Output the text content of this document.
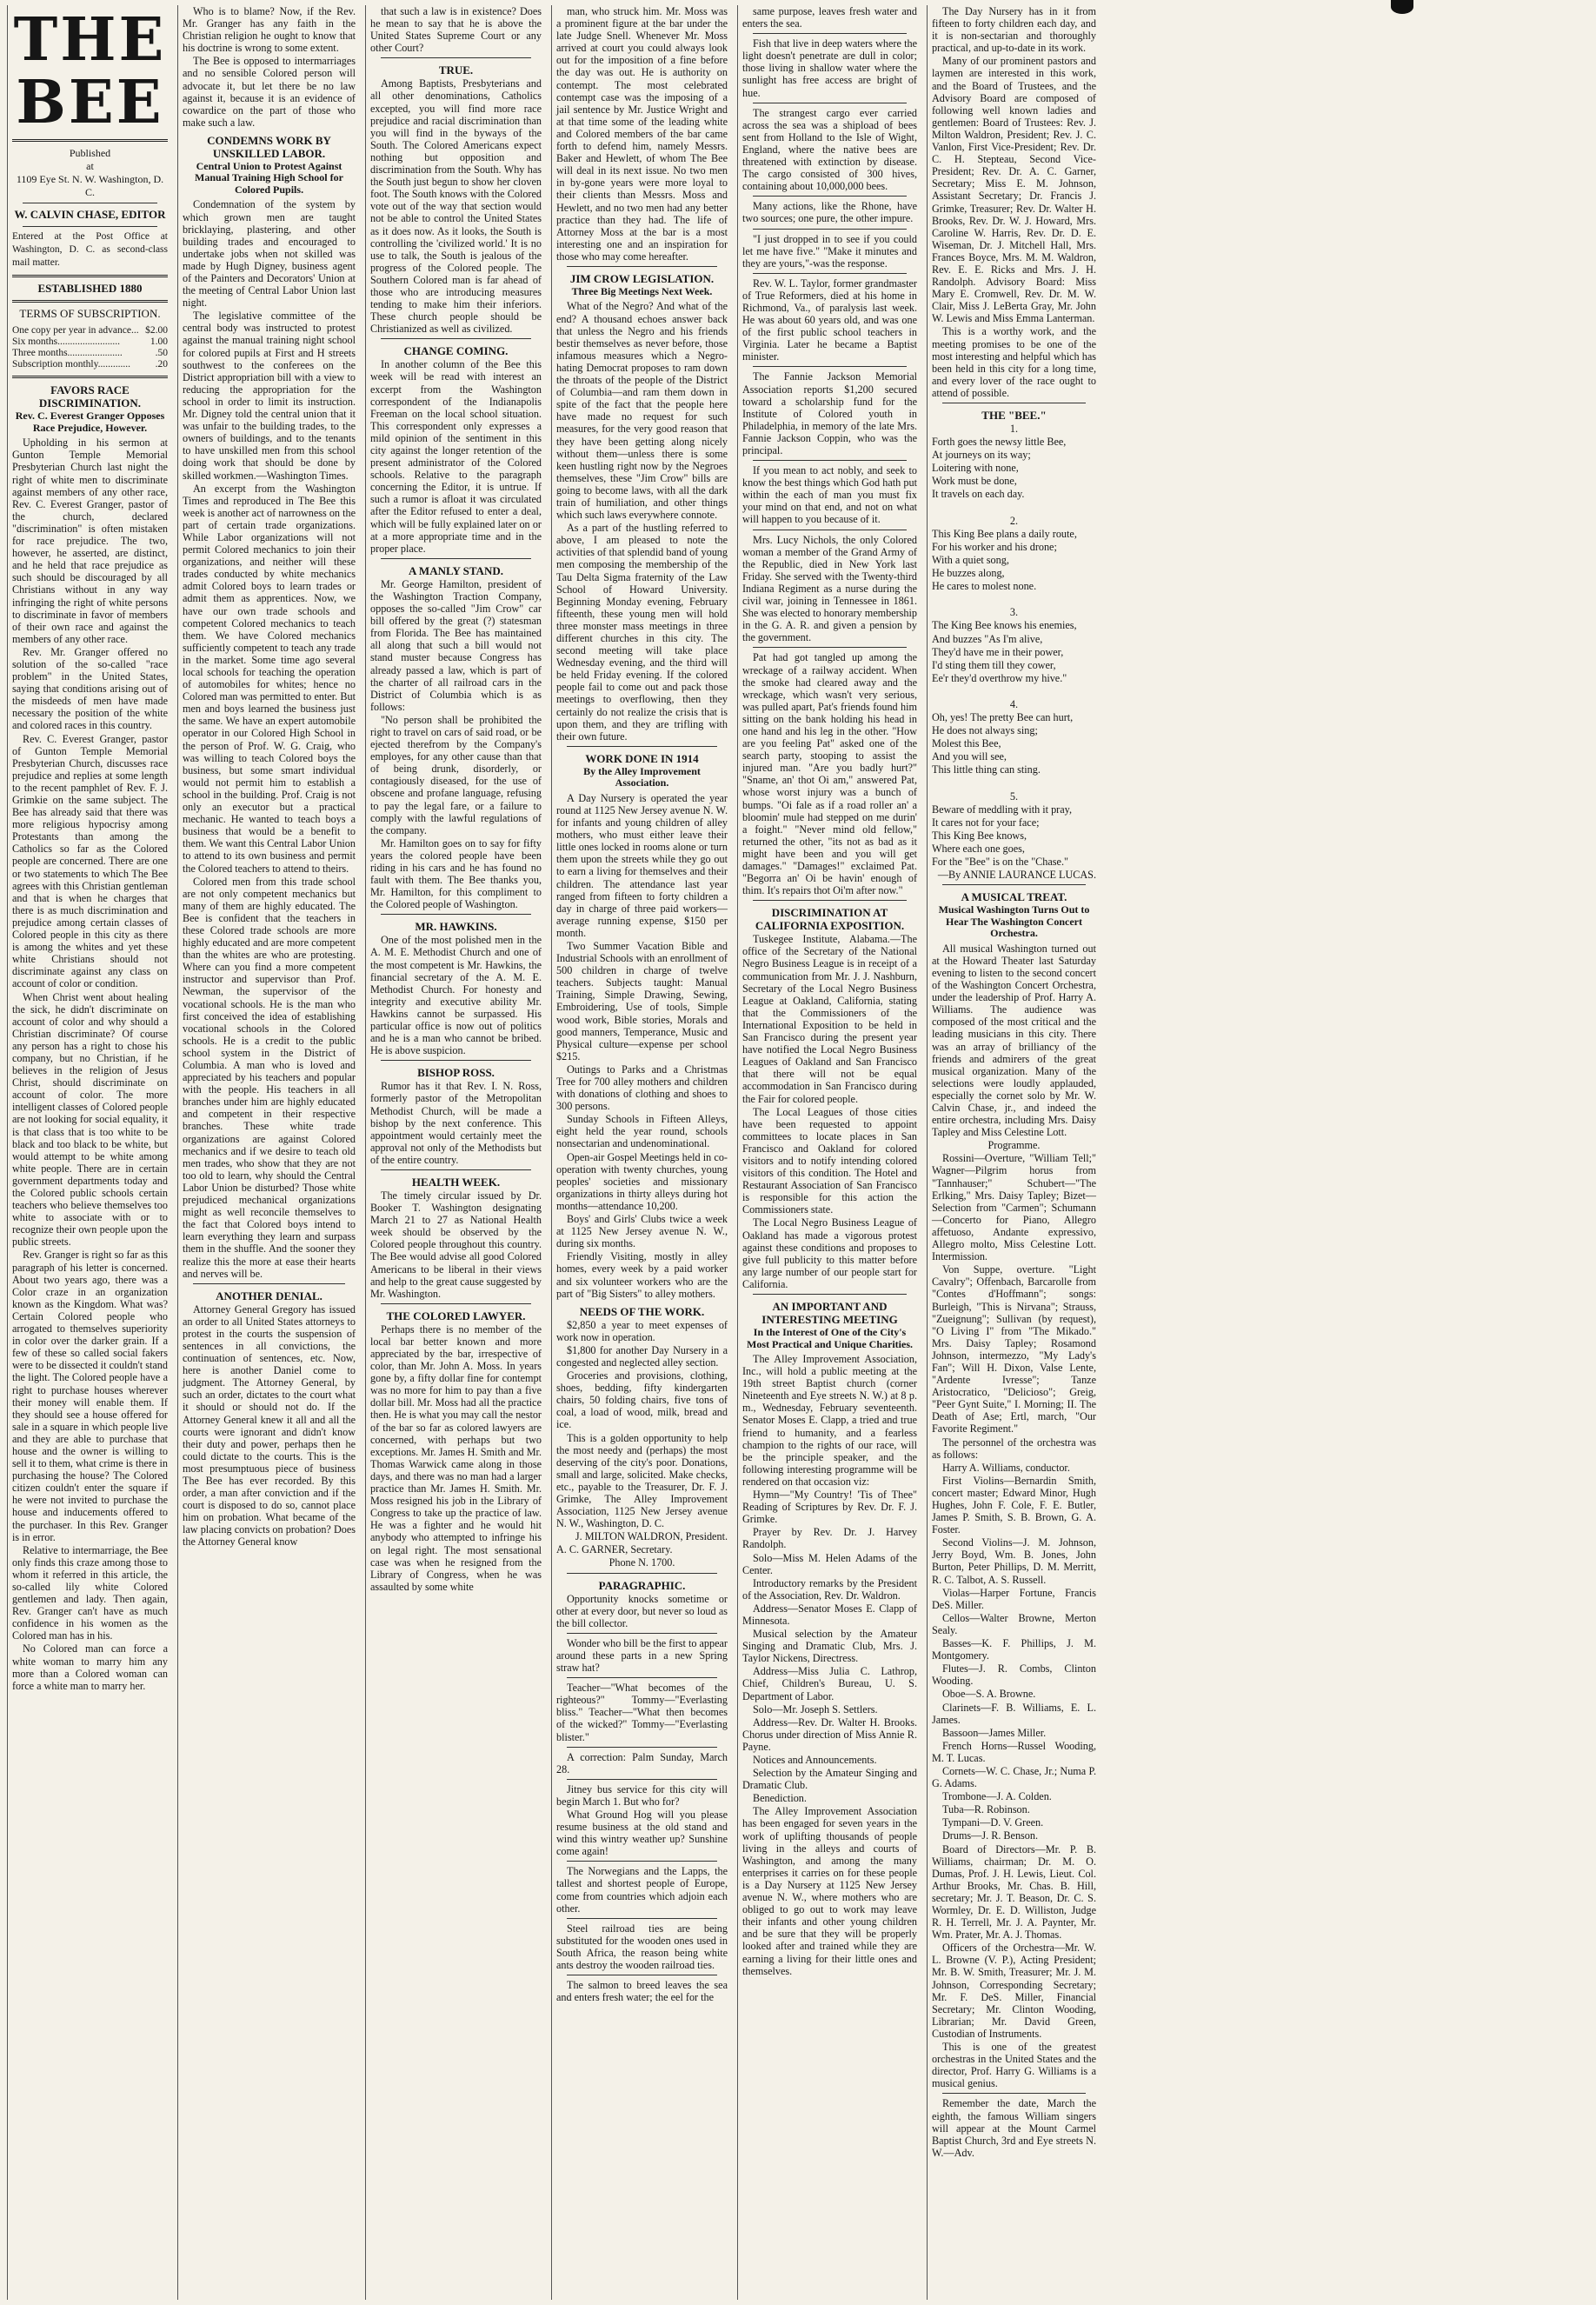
THE BEE
Published
at
1109 Eye St. N. W. Washington, D. C.
W. CALVIN CHASE, EDITOR
Entered at the Post Office at Washington, D. C. as second-class mail matter.
ESTABLISHED 1880
TERMS OF SUBSCRIPTION.
One copy per year in advance... $2.00
Six months.........................	1.00
Three months......................	.50
Subscription monthly............. .20
FAVORS RACE DISCRIMINATION.
Rev. C. Everest Granger Opposes Race Prejudice, However.

Upholding in his sermon at Gunton Temple Memorial Presbyterian Church last night the right of white men to discriminate against members of any other race, Rev. C. Everest Granger, pastor of the church, declared "discrimination" is often mistaken for race prejudice. The two, however, he asserted, are distinct, and he held that race prejudice as such should be discouraged by all Christians without in any way infringing the right of white persons to discriminate in favor of members of their own race and against the members of any other race.

Rev. Mr. Granger offered no solution of the so-called "race problem" in the United States, saying that conditions arising out of the misdeeds of men have made necessary the position of the white and colored races in this country.

Rev. C. Everest Granger, pastor of Gunton Temple Memorial Presbyterian Church, discusses race prejudice and replies at some length to the recent pamphlet of Rev. F. J. Grimkie on the same subject. The Bee has already said that there was more religious hypocrisy among Protestants than among the Catholics so far as the Colored people are concerned. There are one or two statements to which The Bee agrees with this Christian gentleman and that is when he charges that there is as much discrimination and prejudice among certain classes of Colored people in this city as there is among the whites and yet these white Christians should not discriminate against any class on account of color or condition.

When Christ went about healing the sick, he didn't discriminate on account of color and why should a Christian discriminate? Of course any person has a right to chose his company, but no Christian, if he believes in the religion of Jesus Christ, should discriminate on account of color. The more intelligent classes of Colored people are not looking for social equality, it is that class that is too white to be black and too black to be white, but would attempt to be white among white people. There are in certain government departments today and the Colored public schools certain teachers who believe themselves too white to associate with or to recognize their own people upon the public streets.

Rev. Granger is right so far as this paragraph of his letter is concerned. About two years ago, there was a Color craze in an organization known as the Kingdom. What was? Certain Colored people who arrogated to themselves superiority in color over the darker grain. If a few of these so called social fakers were to be dissected it couldn't stand the light. The Colored people have a right to purchase houses wherever their money will enable them. If they should see a house offered for sale in a square in which people live and they are able to purchase that house and the owner is willing to sell it to them, what crime is there in purchasing the house? The Colored citizen couldn't enter the square if he were not invited to purchase the house and inducements offered to the purchaser. In this Rev. Granger is in error.

Relative to intermarriage, the Bee only finds this craze among those to whom it referred in this article, the so-called lily white Colored gentlemen and lady. Then again, Rev. Granger can't have as much confidence in his women as the Colored man has in his.

No Colored man can force a white woman to marry him any more than a Colored woman can force a white man to marry her.

Who is to blame? Now, if the Rev. Mr. Granger has any faith in the Christian religion he ought to know that his doctrine is wrong to some extent.

The Bee is opposed to intermarriages and no sensible Colored person will advocate it, but let there be no law against it, because it is an evidence of cowardice on the part of those who make such a law.

CONDEMNS WORK BY UNSKILLED LABOR.
Central Union to Protest Against Manual Training High School for Colored Pupils.

Condemnation of the system by which grown men are taught bricklaying, plastering, and other building trades and encouraged to undertake jobs when not skilled was made by Hugh Digney, business agent of the Painters and Decorators' Union at the meeting of Central Labor Union last night.

The legislative committee of the central body was instructed to protest against the manual training night school for colored pupils at First and H streets southwest to the conferees on the District appropriation bill with a view to reducing the appropriation for the school in order to limit its instruction. Mr. Digney told the central union that it was unfair to the building trades, to the owners of buildings, and to the tenants to have unskilled men from this school doing work that should be done by skilled workmen.—Washington Times.

An excerpt from the Washington Times and reproduced in The Bee this week is another act of narrowness on the part of certain trade organizations. While Labor organizations will not permit Colored mechanics to join their organizations, and neither will these trades conducted by white mechanics admit Colored boys to learn trades or admit them as apprentices. Now, we have our own trade schools and competent Colored mechanics to teach them. We have Colored mechanics sufficiently competent to teach any trade in the market. Some time ago several local schools for teaching the operation of automobiles for whites; hence no Colored man was permitted to enter. But men and boys learned the business just the same. We have an expert automobile operator in our Colored High School in the person of Prof. W. G. Craig, who was willing to teach Colored boys the business, but some smart individual would not permit him to establish a school in the building. Prof. Craig is not only an executor but a practical mechanic. He wanted to teach boys a business that would be a benefit to them. We want this Central Labor Union to attend to its own business and permit the Colored teachers to attend to theirs.

Colored men from this trade school are not only competent mechanics but many of them are highly educated. The Bee is confident that the teachers in these Colored trade schools are more highly educated and are more competent than the whites are who are protesting. Where can you find a more competent instructor and supervisor than Prof. Newman, the supervisor of the vocational schools. He is the man who first conceived the idea of establishing vocational schools in the Colored schools. He is a credit to the public school system in the District of Columbia. A man who is loved and appreciated by his teachers and popular with the people. His teachers in all branches under him are highly educated and competent in their respective branches. These white trade organizations are against Colored mechanics and if we desire to teach old men trades, who show that they are not too old to learn, why should the Central Labor Union be disturbed? Those white prejudiced mechanical organizations might as well reconcile themselves to the fact that Colored boys intend to learn everything they learn and surpass them in the shuffle. And the sooner they realize this the more at ease their hearts and nerves will be.

ANOTHER DENIAL.

Attorney General Gregory has issued an order to all United States attorneys to protest in the courts the suspension of sentences in all convictions, the continuation of sentences, etc. Now, here is another Daniel come to judgment. The Attorney General, by such an order, dictates to the court what it should or should not do. If the Attorney General knew it all and all the courts were ignorant and didn't know their duty and power, perhaps then he could dictate to the courts. This is the most presumptuous piece of business The Bee has ever recorded. By this order, a man after conviction and if the court is disposed to do so, cannot place him on probation. What became of the law placing convicts on probation? Does the Attorney General know

that such a law is in existence? Does he mean to say that he is above the United States Supreme Court or any other Court?

TRUE.

Among Baptists, Presbyterians and all other denominations, Catholics excepted, you will find more race prejudice and racial discrimination than you will find in the byways of the South. The Colored Americans expect nothing but opposition and discrimination from the South. Why has the South just begun to show her cloven foot. The South knows with the Colored vote out of the way that section would not be able to control the United States as it does now. As it looks, the South is controlling the 'civilized world.' It is no use to talk, the South is jealous of the progress of the Colored people. The Southern Colored man is far ahead of those who are introducing measures tending to make him their inferiors. These church people should be Christianized as well as civilized.

CHANGE COMING.

In another column of the Bee this week will be read with interest an excerpt from the Washington correspondent of the Indianapolis Freeman on the local school situation. This correspondent only expresses a mild opinion of the sentiment in this city against the longer retention of the present administrator of the Colored schools. Relative to the paragraph concerning the Editor, it is untrue. If such a rumor is afloat it was circulated after the Editor refused to enter a deal, which will be fully explained later on or at a more appropriate time and in the proper place.

A MANLY STAND.

Mr. George Hamilton, president of the Washington Traction Company, opposes the so-called "Jim Crow" car bill offered by the great (?) statesman from Florida. The Bee has maintained all along that such a bill would not stand muster because Congress has already passed a law, which is part of the charter of all railroad cars in the District of Columbia which is as follows:

"No person shall be prohibited the right to travel on cars of said road, or be ejected therefrom by the Company's employes, for any other cause than that of being drunk, disorderly, or contagiously diseased, for the use of obscene and profane language, refusing to pay the legal fare, or a failure to comply with the lawful regulations of the company.

Mr. Hamilton goes on to say for fifty years the colored people have been riding in his cars and he has found no fault with them. The Bee thanks you, Mr. Hamilton, for this compliment to the Colored people of Washington.

MR. HAWKINS.

One of the most polished men in the A. M. E. Methodist Church and one of the most competent is Mr. Hawkins, the financial secretary of the A. M. E. Methodist Church. For honesty and integrity and executive ability Mr. Hawkins cannot be surpassed. His particular office is now out of politics and he is a man who cannot be bribed. He is above suspicion.

BISHOP ROSS.

Rumor has it that Rev. I. N. Ross, formerly pastor of the Metropolitan Methodist Church, will be made a bishop by the next conference. This appointment would certainly meet the approval not only of the Methodists but of the entire country.

HEALTH WEEK.

The timely circular issued by Dr. Booker T. Washington designating March 21 to 27 as National Health week should be observed by the Colored people throughout this country. The Bee would advise all good Colored Americans to be liberal in their views and help to the great cause suggested by Mr. Washington.

THE COLORED LAWYER.

Perhaps there is no member of the local bar better known and more appreciated by the bar, irrespective of color, than Mr. John A. Moss. In years gone by, a fifty dollar fine for contempt was no more for him to pay than a five dollar bill. Mr. Moss had all the practice then. He is what you may call the nestor of the bar so far as colored lawyers are concerned, with perhaps but two exceptions. Mr. James H. Smith and Mr. Thomas Warwick came along in those days, and there was no man had a larger practice than Mr. James H. Smith. Mr. Moss resigned his job in the Library of Congress to take up the practice of law. He was a fighter and he would hit anybody who attempted to infringe his on legal right. The most sensational case was when he resigned from the Library of Congress, when he was assaulted by some white

man, who struck him. Mr. Moss was a prominent figure at the bar under the late Judge Snell. Whenever Mr. Moss arrived at court you could always look out for the imposition of a fine before the day was out. He is authority on contempt. The most celebrated contempt case was the imposing of a jail sentence by Mr. Justice Wright and at that time some of the leading white and Colored members of the bar came forth to defend him, namely Messrs. Baker and Hewlett, of whom The Bee will deal in its next issue. No two men in by-gone years were more loyal to their clients than Messrs. Moss and Hewlett, and no two men had any better practice than they had. The life of Attorney Moss at the bar is a most interesting one and an inspiration for those who may come hereafter.

JIM CROW LEGISLATION.
Three Big Meetings Next Week.

What of the Negro? And what of the end? A thousand echoes answer back that unless the Negro and his friends bestir themselves as never before, those infamous measures which a Negro-hating Democrat proposes to ram down the throats of the people of the District of Columbia—and ram them down in spite of the fact that the people here have made no request for such measures, for the very good reason that they have been getting along nicely without them—unless there is some keen hustling right now by the Negroes themselves, these "Jim Crow" bills are going to become laws, with all the dark train of humiliation, and other things which such laws everywhere connote.

As a part of the hustling referred to above, I am pleased to note the activities of that splendid band of young men composing the membership of the Tau Delta Sigma fraternity of the Law School of Howard University. Beginning Monday evening, February fifteenth, these young men will hold three monster mass meetings in three different churches in this city. The second meeting will take place Wednesday evening, and the third will be held Friday evening. If the colored people fail to come out and pack those meetings to overflowing, then they certainly do not realize the crisis that is upon them, and they are trifling with their own future.

WORK DONE IN 1914
By the Alley Improvement Association.

A Day Nursery is operated the year round at 1125 New Jersey avenue N. W. for infants and young children of alley mothers, who must either leave their little ones locked in rooms alone or turn them upon the streets while they go out to earn a living for themselves and their children. The attendance last year ranged from fifteen to forty children a day in charge of three paid workers—average running expense, $150 per month.

Two Summer Vacation Bible and Industrial Schools with an enrollment of 500 children in charge of twelve teachers. Subjects taught: Manual Training, Simple Drawing, Sewing, Embroidering, Use of tools, Simple wood work, Bible stories, Morals and good manners, Temperance, Music and Physical culture—expense per school $215.

Outings to Parks and a Christmas Tree for 700 alley mothers and children with donations of clothing and shoes to 300 persons.

Sunday Schools in Fifteen Alleys, eight held the year round, schools nonsectarian and undenominational.

Open-air Gospel Meetings held in co-operation with twenty churches, young peoples' societies and missionary organizations in thirty alleys during hot months—attendance 10,200.

Boys' and Girls' Clubs twice a week at 1125 New Jersey avenue N. W., during six months.

Friendly Visiting, mostly in alley homes, every week by a paid worker and six volunteer workers who are the part of "Big Sisters" to alley mothers.

NEEDS OF THE WORK.

$2,850 a year to meet expenses of work now in operation.

$1,800 for another Day Nursery in a congested and neglected alley section.

Groceries and provisions, clothing, shoes, bedding, fifty kindergarten chairs, 50 folding chairs, five tons of coal, a load of wood, milk, bread and ice.

This is a golden opportunity to help the most needy and (perhaps) the most deserving of the city's poor. Donations, small and large, solicited. Make checks, etc., payable to the Treasurer, Dr. F. J. Grimke, The Alley Improvement Association, 1125 New Jersey avenue N. W., Washington, D. C.

J. MILTON WALDRON, President.

A. C. GARNER, Secretary.

Phone N. 1700.

PARAGRAPHIC.

Opportunity knocks sometime or other at every door, but never so loud as the bill collector.

Wonder who bill be the first to appear around these parts in a new Spring straw hat?

Teacher—"What becomes of the righteous?" Tommy—"Everlasting bliss." Teacher—"What then becomes of the wicked?" Tommy—"Everlasting blister."

A correction: Palm Sunday, March 28.

Jitney bus service for this city will begin March 1. But who for?

What Ground Hog will you please resume business at the old stand and wind this wintry weather up? Sunshine come again!

The Norwegians and the Lapps, the tallest and shortest people of Europe, come from countries which adjoin each other.

Steel railroad ties are being substituted for the wooden ones used in South Africa, the reason being white ants destroy the wooden railroad ties.

The salmon to breed leaves the sea and enters fresh water; the eel for the

same purpose, leaves fresh water and enters the sea.

Fish that live in deep waters where the light doesn't penetrate are dull in color; those living in shallow water where the sunlight has free access are bright of hue.

The strangest cargo ever carried across the sea was a shipload of bees sent from Holland to the Isle of Wight, England, where the native bees are threatened with extinction by disease. The cargo consisted of 300 hives, containing about 10,000,000 bees.

Many actions, like the Rhone, have two sources; one pure, the other impure.

"I just dropped in to see if you could let me have five." "Make it minutes and they are yours,"-was the response.

Rev. W. L. Taylor, former grandmaster of True Reformers, died at his home in Richmond, Va., of paralysis last week. He was about 60 years old, and was one of the first public school teachers in Virginia. Later he became a Baptist minister.

The Fannie Jackson Memorial Association reports $1,200 secured toward a scholarship fund for the Institute of Colored youth in Philadelphia, in memory of the late Mrs. Fannie Jackson Coppin, who was the principal.

If you mean to act nobly, and seek to know the best things which God hath put within the each of man you must fix your mind on that end, and not on what will happen to you because of it.

Mrs. Lucy Nichols, the only Colored woman a member of the Grand Army of the Republic, died in New York last Friday. She served with the Twenty-third Indiana Regiment as a nurse during the civil war, joining in Tennessee in 1861. She was elected to honorary membership in the G. A. R. and given a pension by the government.

Pat had got tangled up among the wreckage of a railway accident. When the smoke had cleared away and the wreckage, which wasn't very serious, was pulled apart, Pat's friends found him sitting on the bank holding his head in one hand and his leg in the other. "How are you feeling Pat" asked one of the search party, stooping to assist the injured man. "Are you badly hurt?" "Sname, an' thot Oi am," answered Pat, whose worst injury was a bunch of bumps. "Oi fale as if a road roller an' a bloomin' mule had stepped on me durin' a foight." "Never mind old fellow," returned the other, "its not as bad as it might have been and you will get damages." "Damages!" exclaimed Pat. "Begorra an' Oi be havin' enough of thim. It's repairs thot Oi'm after now."

DISCRIMINATION AT CALIFORNIA EXPOSITION.

Tuskegee Institute, Alabama.—The office of the Secretary of the National Negro Business League is in receipt of a communication from Mr. J. J. Nashburn, Secretary of the Local Negro Business League at Oakland, California, stating that the Commissioners of the International Exposition to be held in San Francisco during the present year have notified the Local Negro Business Leagues of Oakland and San Francisco that there will not be equal accommodation in San Francisco during the Fair for colored people.

The Local Leagues of those cities have been requested to appoint committees to locate places in San Francisco and Oakland for colored visitors and to notify intending colored visitors of this condition. The Hotel and Restaurant Association of San Francisco is responsible for this action the Commissioners state.

The Local Negro Business League of Oakland has made a vigorous protest against these conditions and proposes to give full publicity to this matter before any large number of our people start for California.

AN IMPORTANT AND INTERESTING MEETING
In the Interest of One of the City's Most Practical and Unique Charities.

The Alley Improvement Association, Inc., will hold a public meeting at the 19th street Baptist church (corner Nineteenth and Eye streets N. W.) at 8 p. m., Wednesday, February seventeenth. Senator Moses E. Clapp, a tried and true friend to humanity, and a fearless champion to the rights of our race, will be the principle speaker, and the following interesting programme will be rendered on that occasion viz:

Hymn—"My Country! 'Tis of Thee" Reading of Scriptures by Rev. Dr. F. J. Grimke.

Prayer by Rev. Dr. J. Harvey Randolph.

Solo—Miss M. Helen Adams of the Center.

Introductory remarks by the President of the Association, Rev. Dr. Waldron.

Address—Senator Moses E. Clapp of Minnesota.

Musical selection by the Amateur Singing and Dramatic Club, Mrs. J. Taylor Nickens, Directress.

Address—Miss Julia C. Lathrop, Chief, Children's Bureau, U. S. Department of Labor.

Solo—Mr. Joseph S. Settlers.

Address—Rev. Dr. Walter H. Brooks. Chorus under direction of Miss Annie R. Payne.

Notices and Announcements.

Selection by the Amateur Singing and Dramatic Club.

Benediction.

The Alley Improvement Association has been engaged for seven years in the work of uplifting thousands of people living in the alleys and courts of Washington, and among the many enterprises it carries on for these people is a Day Nursery at 1125 New Jersey avenue N. W., where mothers who are obliged to go out to work may leave their infants and other young children and be sure that they will be properly looked after and trained while they are earning a living for their little ones and themselves.

The Day Nursery has in it from fifteen to forty children each day, and it is non-sectarian and thoroughly practical, and up-to-date in its work.

Many of our prominent pastors and laymen are interested in this work, and the Board of Trustees, and the Advisory Board are composed of following well known ladies and gentlemen: Board of Trustees: Rev. J. Milton Waldron, President; Rev. J. C. Vanlon, First Vice-President; Rev. Dr. C. H. Stepteau, Second Vice-President; Rev. Dr. A. C. Garner, Secretary; Miss E. M. Johnson, Assistant Secretary; Dr. Francis J. Grimke, Treasurer; Rev. Dr. Walter H. Brooks, Rev. Dr. W. J. Howard, Mrs. Caroline W. Harris, Rev. Dr. D. E. Wiseman, Dr. J. Mitchell Hall, Mrs. Frances Boyce, Mrs. M. M. Waldron, Rev. E. E. Ricks and Mrs. J. H. Randolph. Advisory Board: Miss Mary E. Cromwell, Rev. Dr. M. W. Clair, Miss J. LeBerta Gray, Mr. John W. Lewis and Miss Emma Lanterman.

This is a worthy work, and the meeting promises to be one of the most interesting and helpful which has been held in this city for a long time, and every lover of the race ought to attend of possible.

THE "BEE."

1.

Forth goes the newsy little Bee,

At journeys on its way;

Loitering with none,

Work must be done,

It travels on each day.

2.

This King Bee plans a daily route,

For his worker and his drone;

With a quiet song,

He buzzes along,

He cares to molest none.

3.

The King Bee knows his enemies,

And buzzes "As I'm alive,

They'd have me in their power,

I'd sting them till they cower,

Ee'r they'd overthrow my hive."

4.

Oh, yes! The pretty Bee can hurt,

He does not always sing;

Molest this Bee,

And you will see,

This little thing can sting.

5.

Beware of meddling with it pray,

It cares not for your face;

This King Bee knows,

Where each one goes,

For the "Bee" is on the "Chase."

—By ANNIE LAURANCE LUCAS.

A MUSICAL TREAT.
Musical Washington Turns Out to Hear The Washington Concert Orchestra.

All musical Washington turned out at the Howard Theater last Saturday evening to listen to the second concert of the Washington Concert Orchestra, under the leadership of Prof. Harry A. Williams. The audience was composed of the most critical and the leading musicians in this city. There was an array of brilliancy of the friends and admirers of the great musical organization. Many of the selections were loudly applauded, especially the cornet solo by Mr. W. Calvin Chase, jr., and indeed the entire orchestra, including Mrs. Daisy Tapley and Miss Celestine Lott.

Programme.

Rossini—Overture, "William Tell;" Wagner—Pilgrim horus from "Tannhauser;" Schubert—"The Erlking," Mrs. Daisy Tapley; Bizet—Selection from "Carmen"; Schumann—Concerto for Piano, Allegro affetuoso, Andante expressivo, Allegro molto, Miss Celestine Lott. Intermission.

Von Suppe, overture. "Light Cavalry"; Offenbach, Barcarolle from "Contes d'Hoffmann"; songs: Burleigh, "This is Nirvana"; Strauss, "Zueignung"; Sullivan (by request), "O Living I" from "The Mikado." Mrs. Daisy Tapley; Rosamond Johnson, intermezzo, "My Lady's Fan"; Will H. Dixon, Valse Lente, "Ardente Ivresse"; Tanze Aristocratico, "Delicioso"; Greig, "Peer Gynt Suite," I. Morning; II. The Death of Ase; Ertl, march, "Our Favorite Regiment."

The personnel of the orchestra was as follows:

Harry A. Williams, conductor.

First Violins—Bernardin Smith, concert master; Edward Minor, Hugh Hughes, John F. Cole, F. E. Butler, James P. Smith, S. B. Brown, G. A. Foster.

Second Violins—J. M. Johnson, Jerry Boyd, Wm. B. Jones, John Burton, Peter Phillips, D. M. Merritt, R. C. Talbot, A. S. Russell.

Violas—Harper Fortune, Francis DeS. Miller.

Cellos—Walter Browne, Merton Sealy.

Basses—K. F. Phillips, J. M. Montgomery.

Flutes—J. R. Combs, Clinton Wooding.

Oboe—S. A. Browne.

Clarinets—F. B. Williams, E. L. James.

Bassoon—James Miller.

French Horns—Russel Wooding, M. T. Lucas.

Cornets—W. C. Chase, Jr.; Numa P. G. Adams.

Trombone—J. A. Colden.

Tuba—R. Robinson.

Tympani—D. V. Green.

Drums—J. R. Benson.

Board of Directors—Mr. P. B. Williams, chairman; Dr. M. O. Dumas, Prof. J. H. Lewis, Lieut. Col. Arthur Brooks, Mr. Chas. B. Hill, secretary; Mr. J. T. Beason, Dr. C. S. Wormley, Dr. E. D. Williston, Judge R. H. Terrell, Mr. J. A. Paynter, Mr. Wm. Prater, Mr. A. J. Thomas.

Officers of the Orchestra—Mr. W. L. Browne (V. P.), Acting President; Mr. B. W. Smith, Treasurer; Mr. J. M. Johnson, Corresponding Secretary; Mr. F. DeS. Miller, Financial Secretary; Mr. Clinton Wooding, Librarian; Mr. David Green, Custodian of Instruments.

This is one of the greatest orchestras in the United States and the director, Prof. Harry G. Williams is a musical genius.

Remember the date, March the eighth, the famous William singers will appear at the Mount Carmel Baptist Church, 3rd and Eye streets N. W.—Adv.
